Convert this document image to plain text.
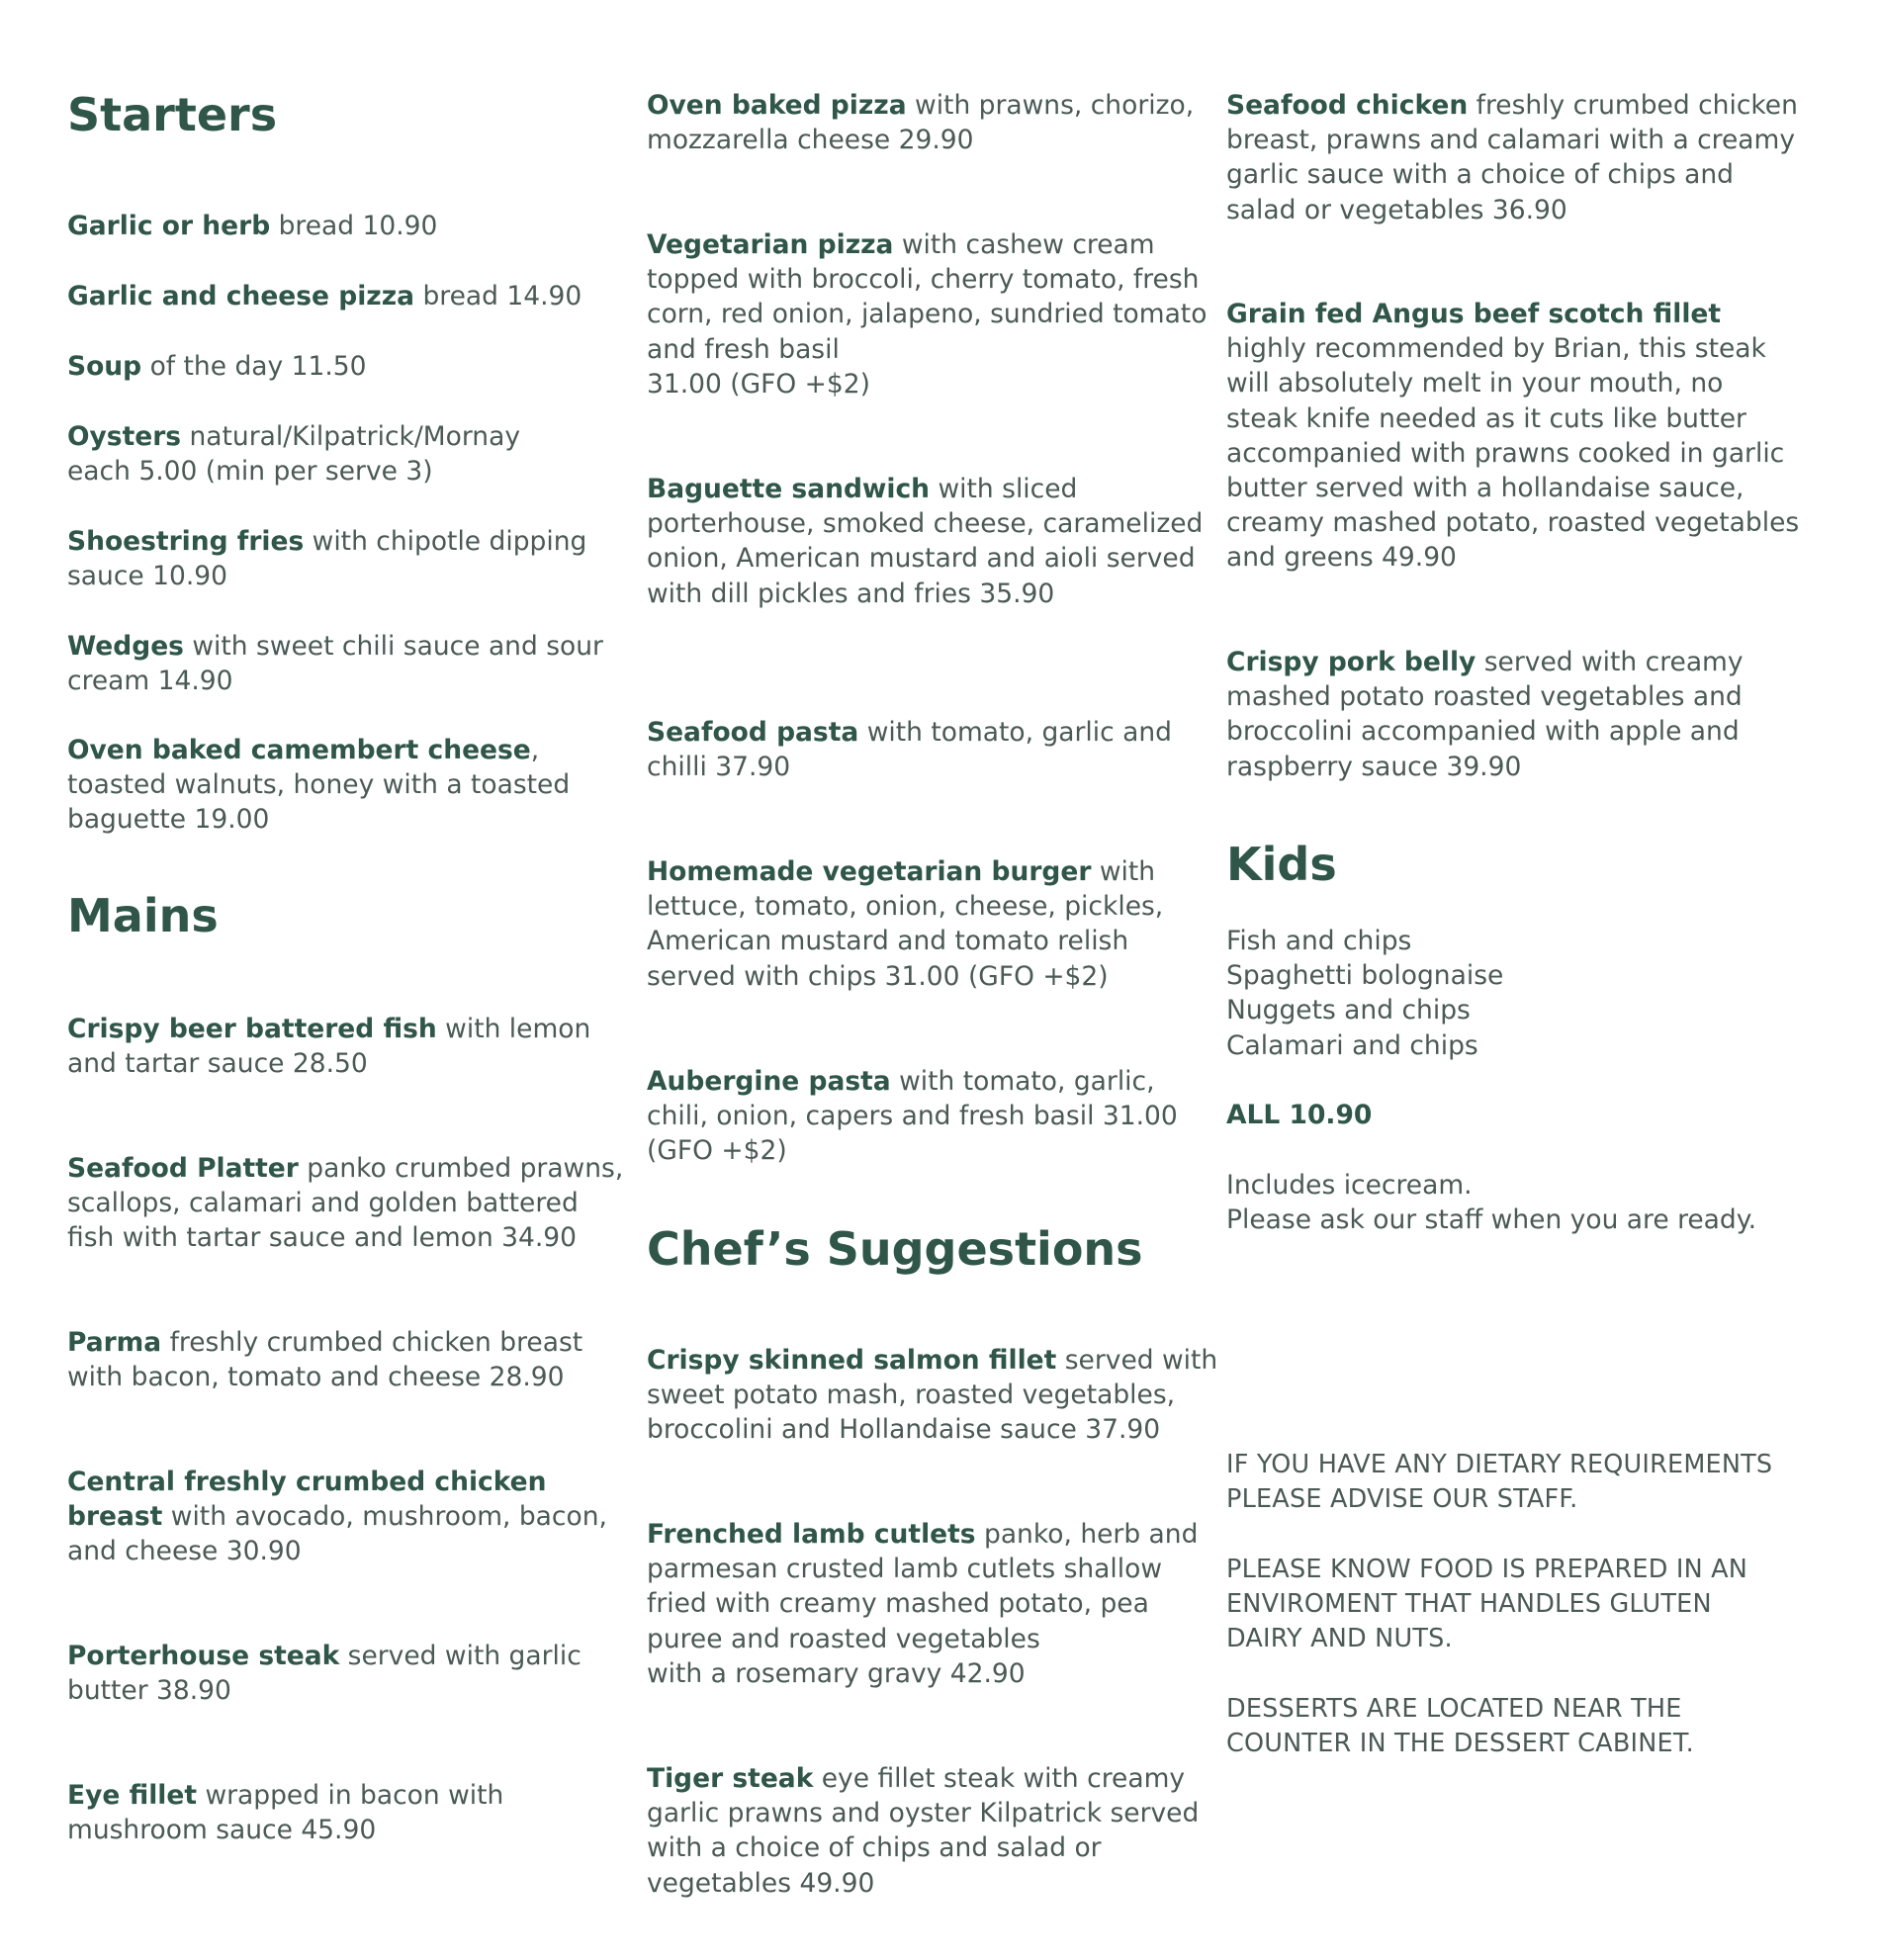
Starters
Garlic or herb bread 10.90
Garlic and cheese pizza bread 14.90
Soup of the day 11.50
Oysters natural/Kilpatrick/Mornay each 5.00 (min per serve 3)
Shoestring fries with chipotle dipping sauce 10.90
Wedges with sweet chili sauce and sour cream 14.90
Oven baked camembert cheese, toasted walnuts, honey with a toasted baguette 19.00
Mains
Crispy beer battered fish with lemon and tartar sauce 28.50
Seafood Platter panko crumbed prawns, scallops, calamari and golden battered fish with tartar sauce and lemon 34.90
Parma freshly crumbed chicken breast with bacon, tomato and cheese 28.90
Central freshly crumbed chicken breast with avocado, mushroom, bacon, and cheese 30.90
Porterhouse steak served with garlic butter 38.90
Eye fillet wrapped in bacon with mushroom sauce 45.90
Oven baked pizza with prawns, chorizo, mozzarella cheese 29.90
Vegetarian pizza with cashew cream topped with broccoli, cherry tomato, fresh corn, red onion, jalapeno, sundried tomato and fresh basil
31.00 (GFO +$2)
Baguette sandwich with sliced porterhouse, smoked cheese, caramelized onion, American mustard and aioli served with dill pickles and fries 35.90
Seafood pasta with tomato, garlic and chilli 37.90
Homemade vegetarian burger with lettuce, tomato, onion, cheese, pickles, American mustard and tomato relish served with chips 31.00 (GFO +$2)
Aubergine pasta with tomato, garlic, chili, onion, capers and fresh basil 31.00 (GFO +$2)
Chef’s Suggestions
Crispy skinned salmon fillet served with sweet potato mash, roasted vegetables, broccolini and Hollandaise sauce 37.90
Frenched lamb cutlets panko, herb and parmesan crusted lamb cutlets shallow fried with creamy mashed potato, pea puree and roasted vegetables
with a rosemary gravy 42.90
Tiger steak eye fillet steak with creamy garlic prawns and oyster Kilpatrick served with a choice of chips and salad or vegetables 49.90
Seafood chicken freshly crumbed chicken breast, prawns and calamari with a creamy garlic sauce with a choice of chips and salad or vegetables 36.90
Grain fed Angus beef scotch fillet
highly recommended by Brian, this steak will absolutely melt in your mouth, no steak knife needed as it cuts like butter accompanied with prawns cooked in garlic butter served with a hollandaise sauce, creamy mashed potato, roasted vegetables and greens 49.90
Crispy pork belly served with creamy mashed potato roasted vegetables and broccolini accompanied with apple and raspberry sauce 39.90
Kids
Fish and chips
Spaghetti bolognaise
Nuggets and chips
Calamari and chips
ALL 10.90
Includes icecream.
Please ask our staff when you are ready.
IF YOU HAVE ANY DIETARY REQUIREMENTS PLEASE ADVISE OUR STAFF.
PLEASE KNOW FOOD IS PREPARED IN AN ENVIROMENT THAT HANDLES GLUTEN DAIRY AND NUTS.
DESSERTS ARE LOCATED NEAR THE COUNTER IN THE DESSERT CABINET.
